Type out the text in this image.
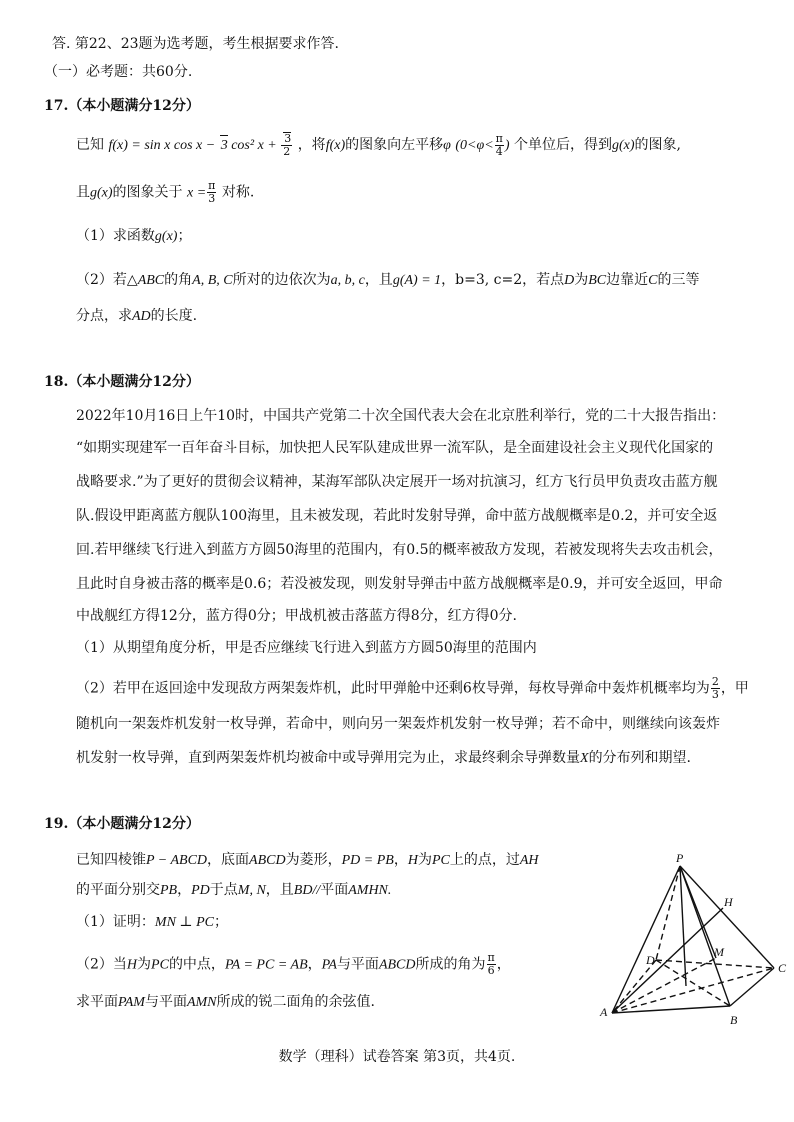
答. 第22、23题为选考题，考生根据要求作答.
（一）必考题：共60分.
17.（本小题满分12分）
已知 f(x) = sin x cos x − 3 cos² $x + \frac{3}{2}$ ，将f(x)的图象向左平移φ ($0<\varphi< \frac{\pi}{4}$ ) 个单位后，得到g(x)的图象,
且g(x)的图象关于 $x = \frac{\pi}{3}$ 对称.
（1）求函数g(x)；
（2）若△ABC的角A, B, C所对的边依次为a, b, c，且g(A) = 1，b=3, c=2，若点D为BC边靠近C的三等
分点，求AD的长度.
18.（本小题满分12分）
2022年10月16日上午10时，中国共产党第二十次全国代表大会在北京胜利举行，党的二十大报告指出：
“如期实现建军一百年奋斗目标，加快把人民军队建成世界一流军队，是全面建设社会主义现代化国家的
战略要求.”为了更好的贯彻会议精神，某海军部队决定展开一场对抗演习，红方飞行员甲负责攻击蓝方舰
队.假设甲距离蓝方舰队100海里，且未被发现，若此时发射导弹，命中蓝方战舰概率是0.2，并可安全返
回.若甲继续飞行进入到蓝方方圆50海里的范围内，有0.5的概率被敌方发现，若被发现将失去攻击机会，
且此时自身被击落的概率是0.6；若没被发现，则发射导弹击中蓝方战舰概率是0.9，并可安全返回，甲命
中战舰红方得12分，蓝方得0分；甲战机被击落蓝方得8分，红方得0分.
（1）从期望角度分析，甲是否应继续飞行进入到蓝方方圆50海里的范围内
（2）若甲在返回途中发现敌方两架轰炸机，此时甲弹舱中还剩6枚导弹，每枚导弹命中轰炸机概率均为 $\frac{2}{3}$ ，甲
随机向一架轰炸机发射一枚导弹，若命中，则向另一架轰炸机发射一枚导弹；若不命中，则继续向该轰炸
机发射一枚导弹，直到两架轰炸机均被命中或导弹用完为止，求最终剩余导弹数量X的分布列和期望.
19.（本小题满分12分）
已知四棱锥P − ABCD，底面ABCD为菱形，PD = PB，H为PC上的点，过AH
的平面分别交PB，PD于点M, N，且BD//平面AMHN.
（1）证明：MN ⊥ PC；
（2）当H为PC的中点，PA = PC = AB，PA与平面ABCD所成的角为 $\frac{\pi}{6}$ ，
求平面PAM与平面AMN所成的锐二面角的余弦值.
P
H
D
M
C
A
B
数学（理科）试卷答案 第3页，共4页.
